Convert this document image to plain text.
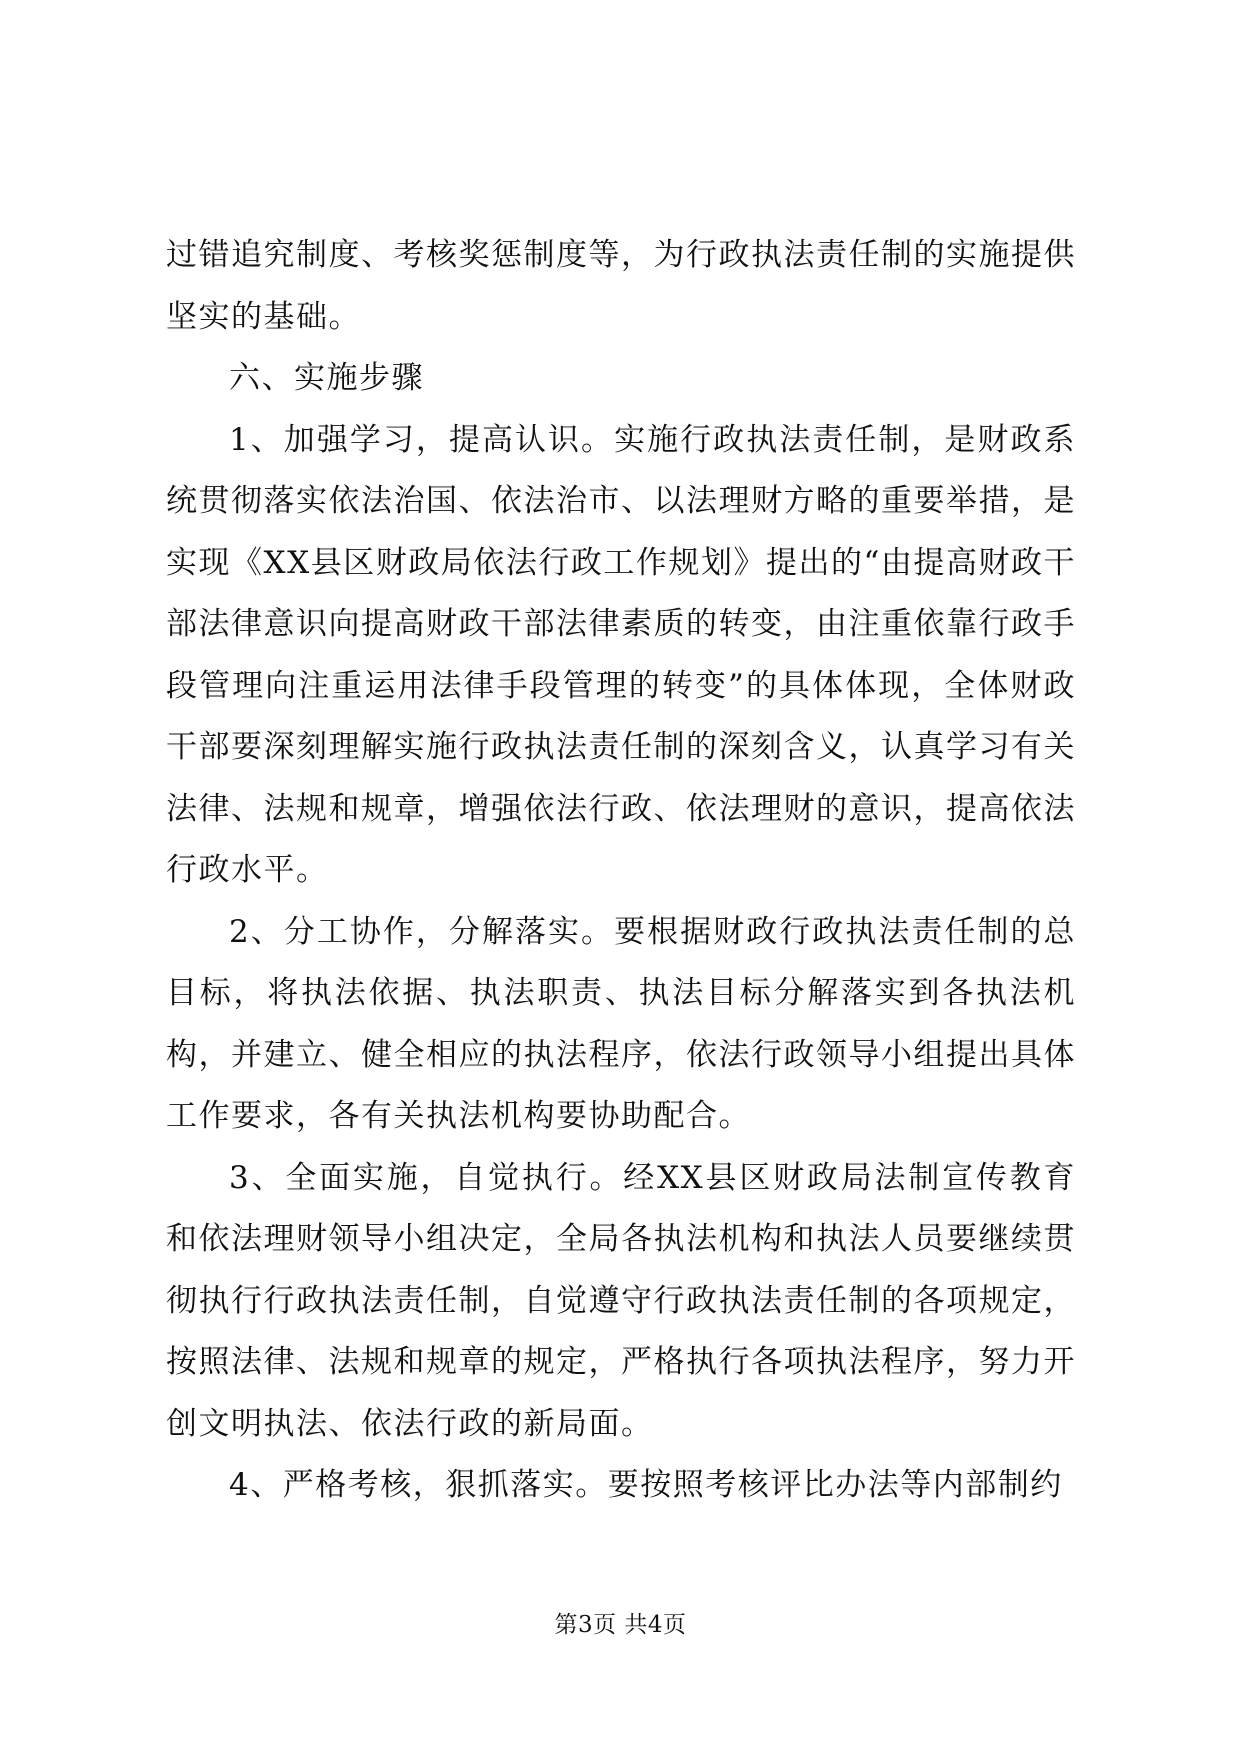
过错追究制度、考核奖惩制度等，为行政执法责任制的实施提供坚实的基础。

六、实施步骤

1、加强学习，提高认识。实施行政执法责任制，是财政系统贯彻落实依法治国、依法治市、以法理财方略的重要举措，是实现《XX县区财政局依法行政工作规划》提出的“由提高财政干部法律意识向提高财政干部法律素质的转变，由注重依靠行政手段管理向注重运用法律手段管理的转变”的具体体现，全体财政干部要深刻理解实施行政执法责任制的深刻含义，认真学习有关法律、法规和规章，增强依法行政、依法理财的意识，提高依法行政水平。

2、分工协作，分解落实。要根据财政行政执法责任制的总目标，将执法依据、执法职责、执法目标分解落实到各执法机构，并建立、健全相应的执法程序，依法行政领导小组提出具体工作要求，各有关执法机构要协助配合。

3、全面实施，自觉执行。经XX县区财政局法制宣传教育和依法理财领导小组决定，全局各执法机构和执法人员要继续贯彻执行行政执法责任制，自觉遵守行政执法责任制的各项规定，按照法律、法规和规章的规定，严格执行各项执法程序，努力开创文明执法、依法行政的新局面。

4、严格考核，狠抓落实。要按照考核评比办法等内部制约

第3页 共4页
